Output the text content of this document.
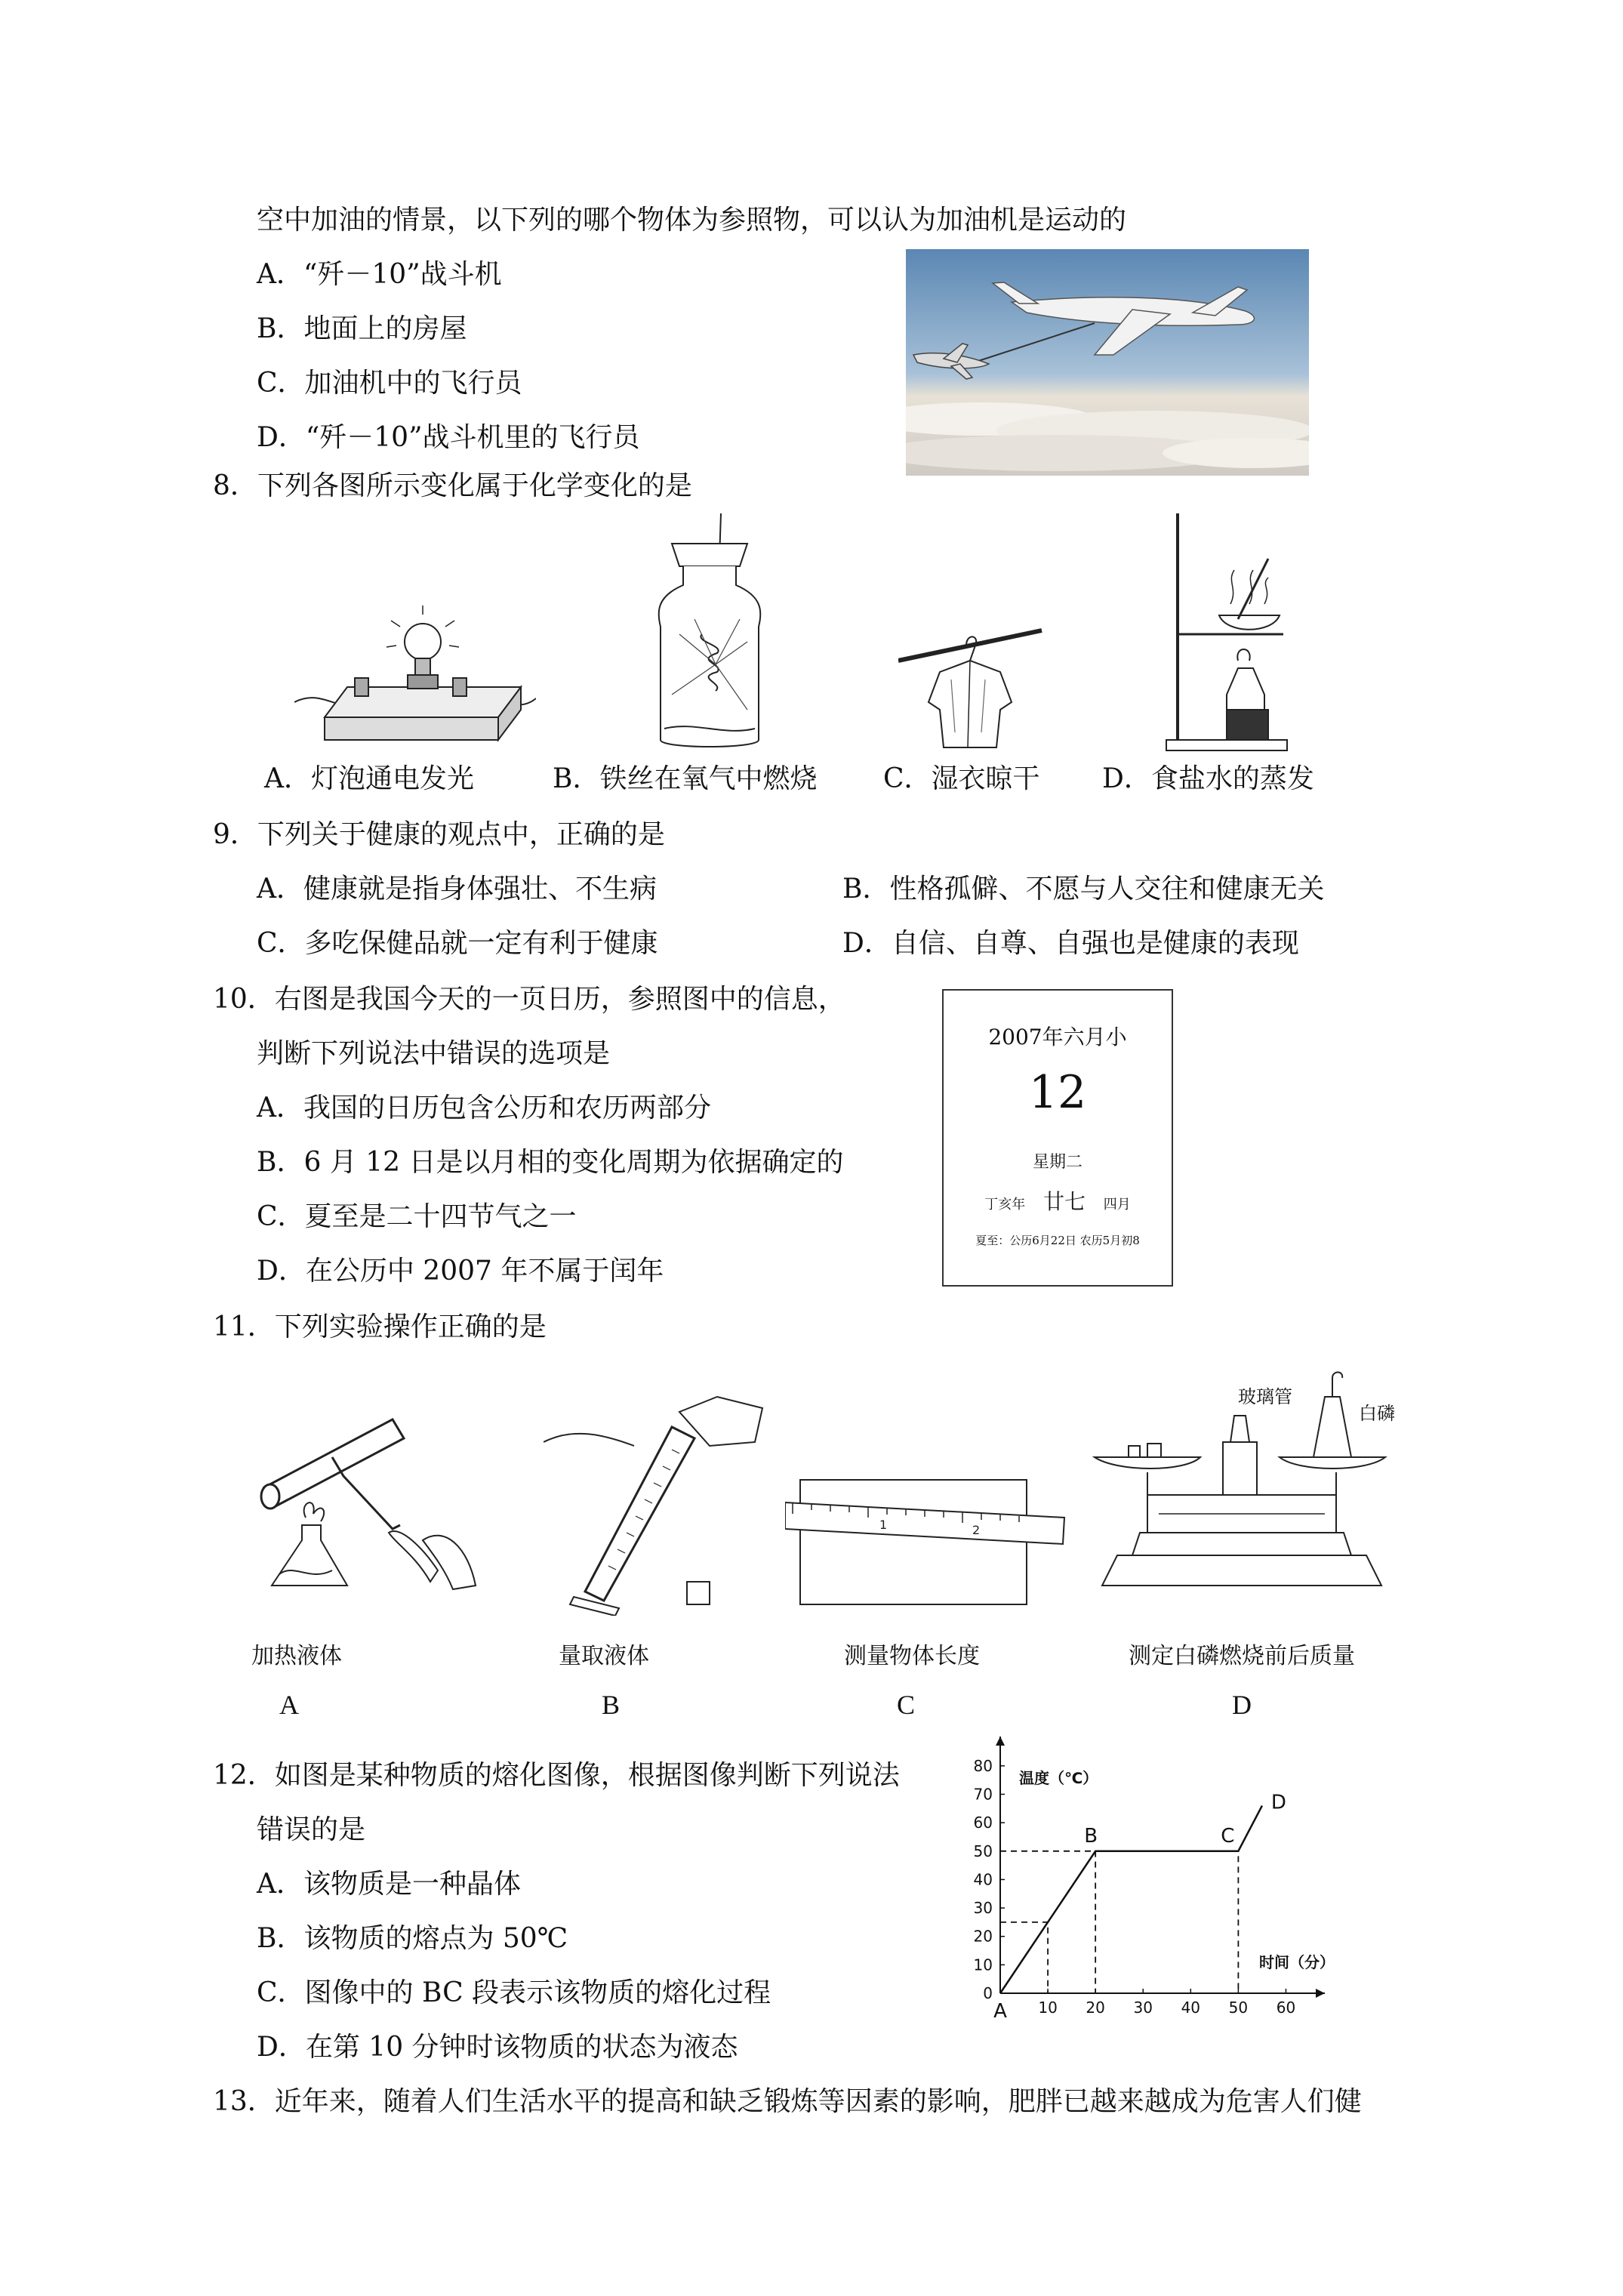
空中加油的情景，以下列的哪个物体为参照物，可以认为加油机是运动的
A．“歼－10”战斗机
B．地面上的房屋
C．加油机中的飞行员
D．“歼－10”战斗机里的飞行员
8．下列各图所示变化属于化学变化的是
A．灯泡通电发光	B．铁丝在氧气中燃烧 C．湿衣晾干 D．食盐水的蒸发
9．下列关于健康的观点中，正确的是
A．健康就是指身体强壮、不生病	B．性格孤僻、不愿与人交往和健康无关
C．多吃保健品就一定有利于健康	D．自信、自尊、自强也是健康的表现
10．右图是我国今天的一页日历，参照图中的信息，
判断下列说法中错误的选项是
A．我国的日历包含公历和农历两部分
B．6 月 12 日是以月相的变化周期为依据确定的
C．夏至是二十四节气之一
D．在公历中 2007 年不属于闰年
2007年六月小
12
星期二
丁亥年 廿七 四月
夏至：公历6月22日 农历5月初8
11．下列实验操作正确的是
1	2
玻璃管
白磷
加热液体	量取液体	测量物体长度	测定白磷燃烧前后质量
A	B	C	D
12．如图是某种物质的熔化图像，根据图像判断下列说法
错误的是
A．该物质是一种晶体
B．该物质的熔点为 50℃
C．图像中的 BC 段表示该物质的熔化过程
D．在第 10 分钟时该物质的状态为液态
10 20 30 40 50 60
0
10
20
30
40
50
60
70
80
A
B	C
D
温度（℃）
时间（分）
13．近年来，随着人们生活水平的提高和缺乏锻炼等因素的影响，肥胖已越来越成为危害人们健
